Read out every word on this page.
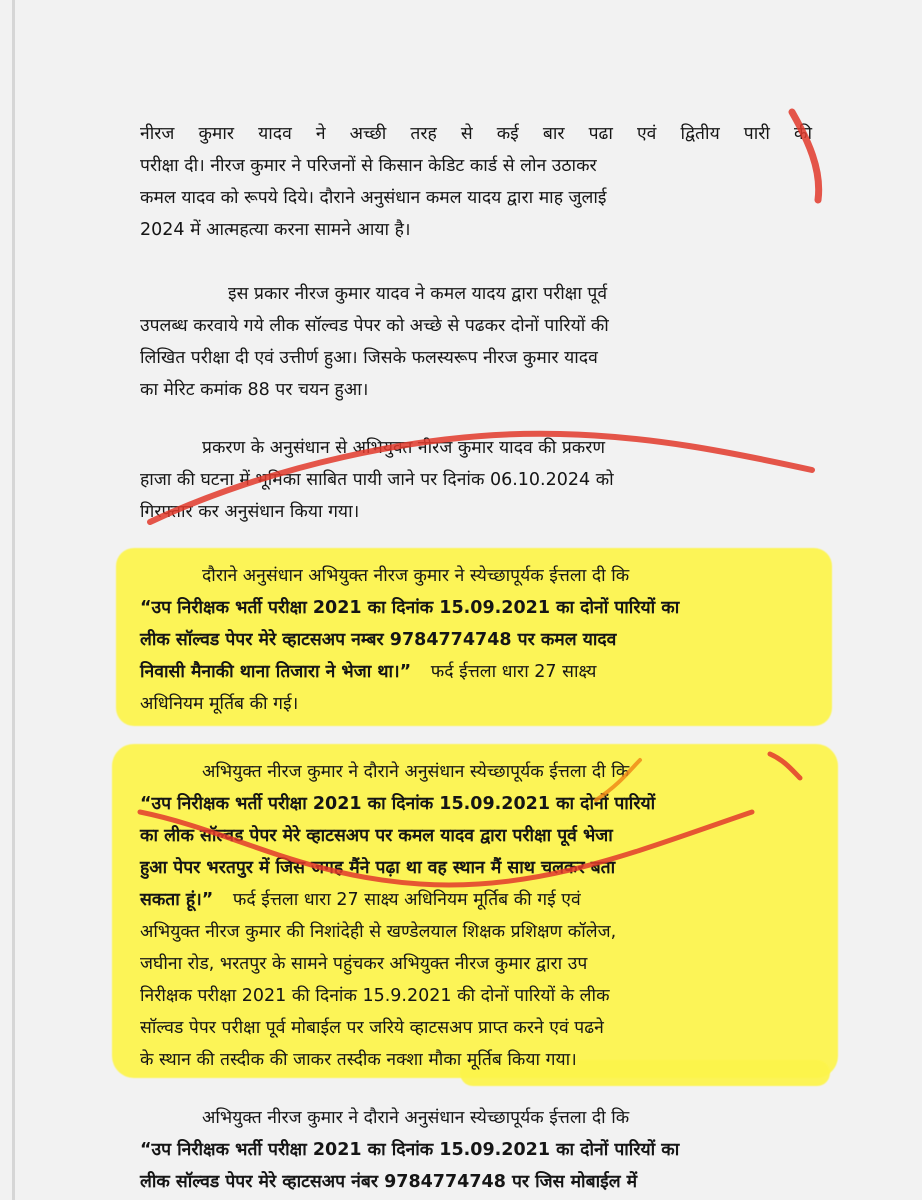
नीरज कुमार यादव ने अच्छी तरह से कई बार पढा एवं द्वितीय पारी की
परीक्षा दी। नीरज कुमार ने परिजनों से किसान केडिट कार्ड से लोन उठाकर
कमल यादव को रूपये दिये। दौराने अनुसंधान कमल यादय द्वारा माह जुलाई
2024 में आत्महत्या करना सामने आया है।
इस प्रकार नीरज कुमार यादव ने कमल यादय द्वारा परीक्षा पूर्व
उपलब्ध करवाये गये लीक सॉल्वड पेपर को अच्छे से पढकर दोनों पारियों की
लिखित परीक्षा दी एवं उत्तीर्ण हुआ। जिसके फलस्यरूप नीरज कुमार यादव
का मेरिट कमांक 88 पर चयन हुआ।
प्रकरण के अनुसंधान से अभियुक्त नीरज कुमार यादव की प्रकरण
हाजा की घटना में भूमिका साबित पायी जाने पर दिनांक 06.10.2024 को
गिरफ्तार कर अनुसंधान किया गया।
दौराने अनुसंधान अभियुक्त नीरज कुमार ने स्येच्छापूर्यक ईत्तला दी कि
“उप निरीक्षक भर्ती परीक्षा 2021 का दिनांक 15.09.2021 का दोनों पारियों का
लीक सॉल्वड पेपर मेरे व्हाटसअप नम्बर 9784774748 पर कमल यादव
निवासी मैनाकी थाना तिजारा ने भेजा था।” फर्द ईत्तला धारा 27 साक्ष्य
अधिनियम मूर्तिब की गई।
अभियुक्त नीरज कुमार ने दौराने अनुसंधान स्येच्छापूर्यक ईत्तला दी कि
“उप निरीक्षक भर्ती परीक्षा 2021 का दिनांक 15.09.2021 का दोनों पारियों
का लीक सॉल्वड पेपर मेरे व्हाटसअप पर कमल यादव द्वारा परीक्षा पूर्व भेजा
हुआ पेपर भरतपुर में जिस जगह मैंने पढ़ा था वह स्थान मैं साथ चलकर बता
सकता हूं।” फर्द ईत्तला धारा 27 साक्ष्य अधिनियम मूर्तिब की गई एवं
अभियुक्त नीरज कुमार की निशांदेही से खण्डेलयाल शिक्षक प्रशिक्षण कॉलेज,
जघीना रोड, भरतपुर के सामने पहुंचकर अभियुक्त नीरज कुमार द्वारा उप
निरीक्षक परीक्षा 2021 की दिनांक 15.9.2021 की दोनों पारियों के लीक
सॉल्वड पेपर परीक्षा पूर्व मोबाईल पर जरिये व्हाटसअप प्राप्त करने एवं पढने
के स्थान की तस्दीक की जाकर तस्दीक नक्शा मौका मूर्तिब किया गया।
अभियुक्त नीरज कुमार ने दौराने अनुसंधान स्येच्छापूर्यक ईत्तला दी कि
“उप निरीक्षक भर्ती परीक्षा 2021 का दिनांक 15.09.2021 का दोनों पारियों का
लीक सॉल्वड पेपर मेरे व्हाटसअप नंबर 9784774748 पर जिस मोबाईल में
